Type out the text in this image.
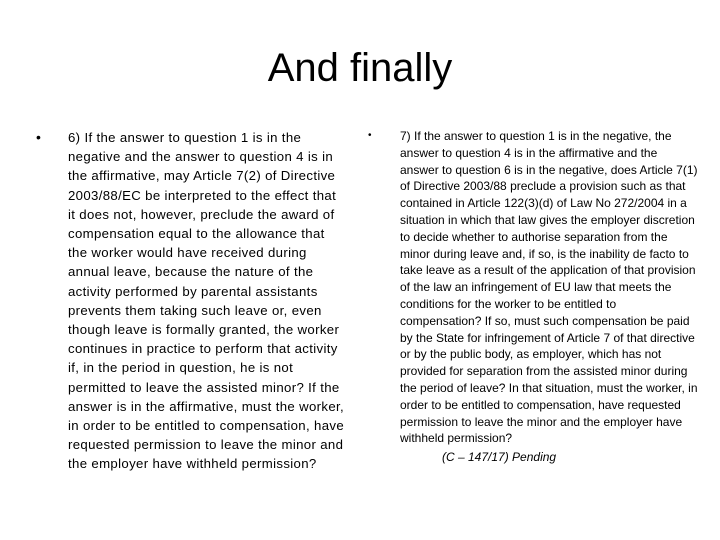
And finally
•	6) If the answer to question 1 is in the negative and the answer to question 4 is in the affirmative, may Article 7(2) of Directive 2003/88/EC be interpreted to the effect that it does not, however, preclude the award of compensation equal to the allowance that the worker would have received during annual leave, because the nature of the activity performed by parental assistants prevents them taking such leave or, even though leave is formally granted, the worker continues in practice to perform that activity if, in the period in question, he is not permitted to leave the assisted minor? If the answer is in the affirmative, must the worker, in order to be entitled to compensation, have requested permission to leave the minor and the employer have withheld permission?
•	7) If the answer to question 1 is in the negative, the answer to question 4 is in the affirmative and the answer to question 6 is in the negative, does Article 7(1) of Directive 2003/88 preclude a provision such as that contained in Article 122(3)(d) of Law No 272/2004 in a situation in which that law gives the employer discretion to decide whether to authorise separation from the minor during leave and, if so, is the inability de facto to take leave as a result of the application of that provision of the law an infringement of EU law that meets the conditions for the worker to be entitled to compensation? If so, must such compensation be paid by the State for infringement of Article 7 of that directive or by the public body, as employer, which has not provided for separation from the assisted minor during the period of leave? In that situation, must the worker, in order to be entitled to compensation, have requested permission to leave the minor and the employer have withheld permission?
(C – 147/17) Pending
